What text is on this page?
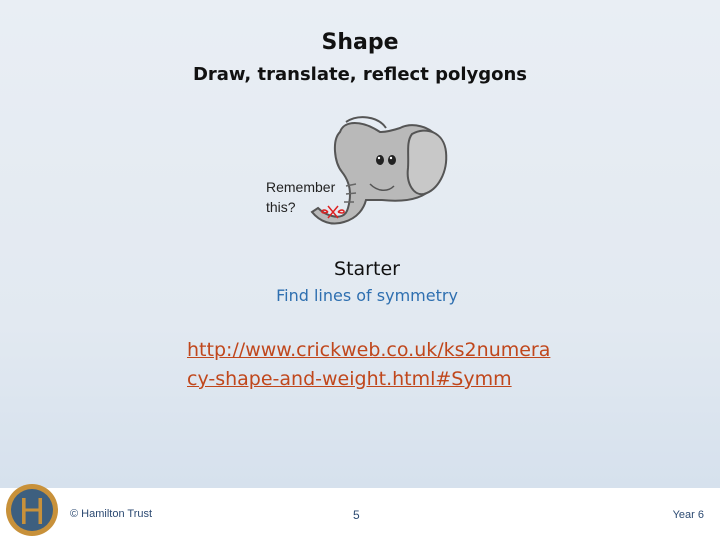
Shape
Draw, translate, reflect polygons
Remember this?
Starter
Find lines of symmetry
http://www.crickweb.co.uk/ks2numeracy-shape-and-weight.html#Symm
H © Hamilton Trust	5	Year 6
